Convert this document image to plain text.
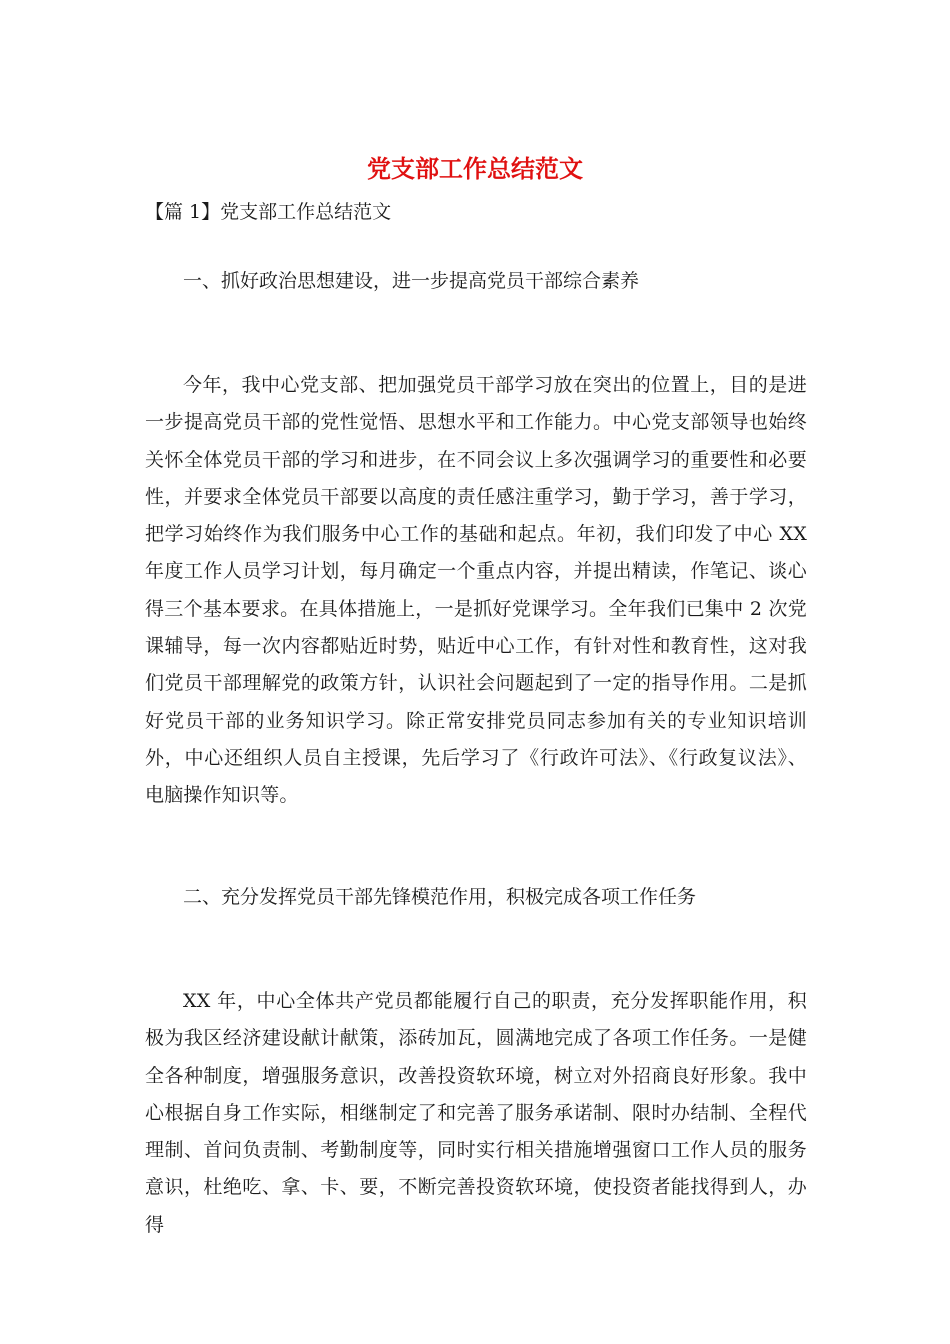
党支部工作总结范文

【篇 1】党支部工作总结范文

一、抓好政治思想建设，进一步提高党员干部综合素养

今年，我中心党支部、把加强党员干部学习放在突出的位置上，目的是进一步提高党员干部的党性觉悟、思想水平和工作能力。中心党支部领导也始终关怀全体党员干部的学习和进步，在不同会议上多次强调学习的重要性和必要性，并要求全体党员干部要以高度的责任感注重学习，勤于学习，善于学习，把学习始终作为我们服务中心工作的基础和起点。年初，我们印发了中心 XX 年度工作人员学习计划，每月确定一个重点内容，并提出精读，作笔记、谈心得三个基本要求。在具体措施上，一是抓好党课学习。全年我们已集中 2 次党课辅导，每一次内容都贴近时势，贴近中心工作，有针对性和教育性，这对我们党员干部理解党的政策方针，认识社会问题起到了一定的指导作用。二是抓好党员干部的业务知识学习。除正常安排党员同志参加有关的专业知识培训外，中心还组织人员自主授课，先后学习了《行政许可法》、《行政复议法》、电脑操作知识等。

二、充分发挥党员干部先锋模范作用，积极完成各项工作任务

XX 年，中心全体共产党员都能履行自己的职责，充分发挥职能作用，积极为我区经济建设献计献策，添砖加瓦，圆满地完成了各项工作任务。一是健全各种制度，增强服务意识，改善投资软环境，树立对外招商良好形象。我中心根据自身工作实际，相继制定了和完善了服务承诺制、限时办结制、全程代理制、首问负责制、考勤制度等，同时实行相关措施增强窗口工作人员的服务意识，杜绝吃、拿、卡、要，不断完善投资软环境，使投资者能找得到人，办得
